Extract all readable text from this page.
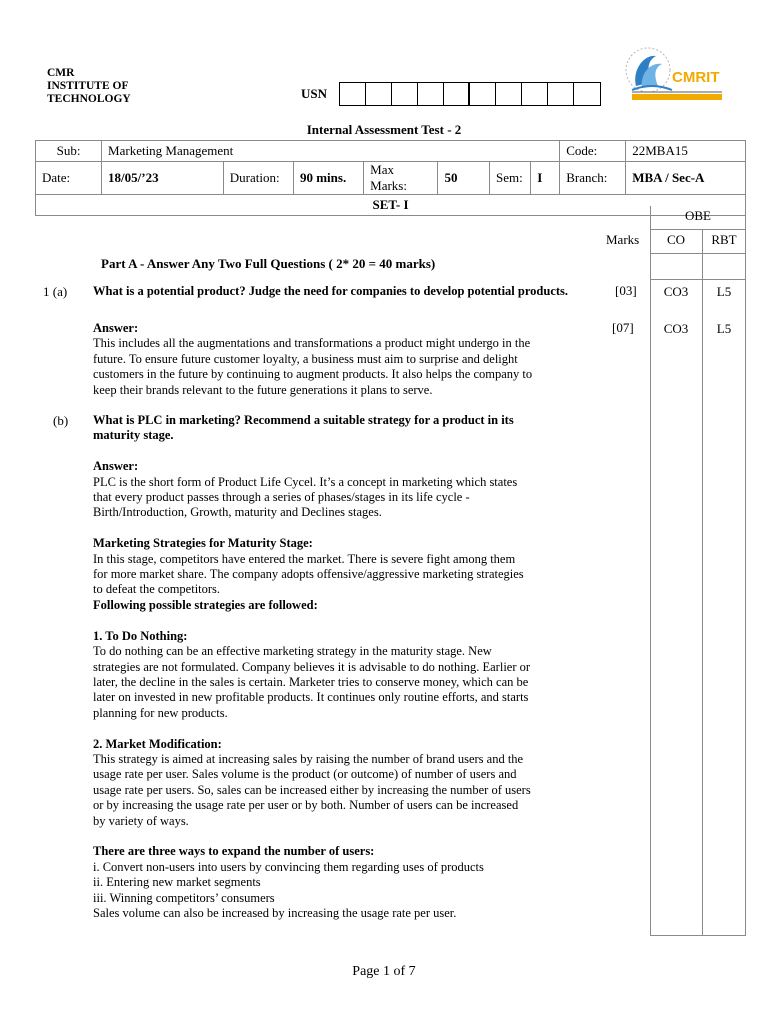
CMR
INSTITUTE OF
TECHNOLOGY	USN
CMRIT
Internal Assessment Test - 2
Sub:	Marketing Management							Code:	22MBA15
Date:	18/05/’23	Duration:	90 mins.	Max Marks:	50	Sem:	I	Branch:	MBA / Sec-A
SET- I									
OBE
Marks	CO	RBT
Part A - Answer Any Two Full Questions ( 2* 20 = 40 marks)
1 (a) What is a potential product? Judge the need for companies to develop potential products.	[03]	CO3	L5
[07]	CO3	L5

Answer:

This includes all the augmentations and transformations a product might undergo in the

future. To ensure future customer loyalty, a business must aim to surprise and delight

customers in the future by continuing to augment products. It also helps the company to

keep their brands relevant to the future generations it plans to serve.

(b) What is PLC in marketing? Recommend a suitable strategy for a product in its

maturity stage.

Answer:

PLC is the short form of Product Life Cycel. It’s a concept in marketing which states

that every product passes through a series of phases/stages in its life cycle -

Birth/Introduction, Growth, maturity and Declines stages.

Marketing Strategies for Maturity Stage:

In this stage, competitors have entered the market. There is severe fight among them

for more market share. The company adopts offensive/aggressive marketing strategies

to defeat the competitors.

Following possible strategies are followed:

1. To Do Nothing:

To do nothing can be an effective marketing strategy in the maturity stage. New

strategies are not formulated. Company believes it is advisable to do nothing. Earlier or

later, the decline in the sales is certain. Marketer tries to conserve money, which can be

later on invested in new profitable products. It continues only routine efforts, and starts

planning for new products.

2. Market Modification:

This strategy is aimed at increasing sales by raising the number of brand users and the

usage rate per user. Sales volume is the product (or outcome) of number of users and

usage rate per users. So, sales can be increased either by increasing the number of users

or by increasing the usage rate per user or by both. Number of users can be increased

by variety of ways.

There are three ways to expand the number of users:

i. Convert non-users into users by convincing them regarding uses of products

ii. Entering new market segments

iii. Winning competitors’ consumers

Sales volume can also be increased by increasing the usage rate per user.

Page 1 of 7
